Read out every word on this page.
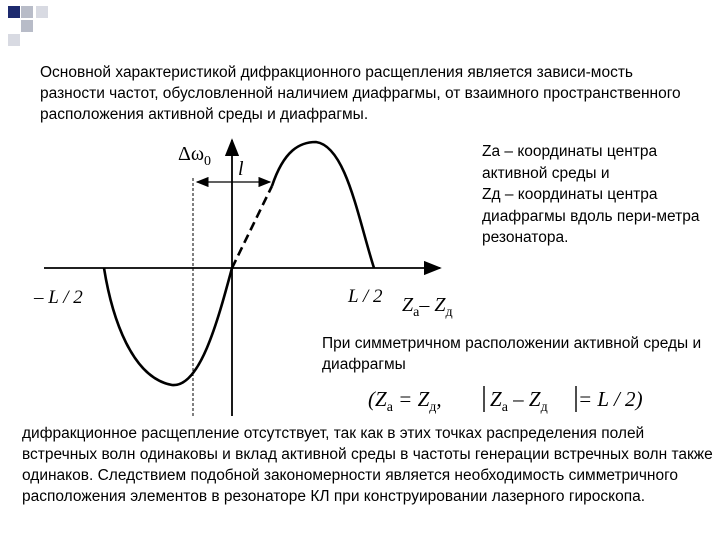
Основной характеристикой дифракционного расщепления является зависи-мость разности частот, обусловленной наличием диафрагмы, от взаимного пространственного расположения активной среды и диафрагмы.

$\Delta\omega_0$ l
– L / 2	L / 2 $Z_а-$ $Z_д$

Zа – координаты центра активной среды и
Zд – координаты центра диафрагмы вдоль пери-метра резонатора.

При симметричном расположении активной среды и диафрагмы

($Z_а = Z_д$, $Z_а - Z_д = L / 2$)

дифракционное расщепление отсутствует, так как в этих точках распределения полей встречных волн одинаковы и вклад активной среды в частоты генерации встречных волн также одинаков. Следствием подобной закономерности является необходимость симметричного расположения элементов в резонаторе КЛ при конструировании лазерного гироскопа.
